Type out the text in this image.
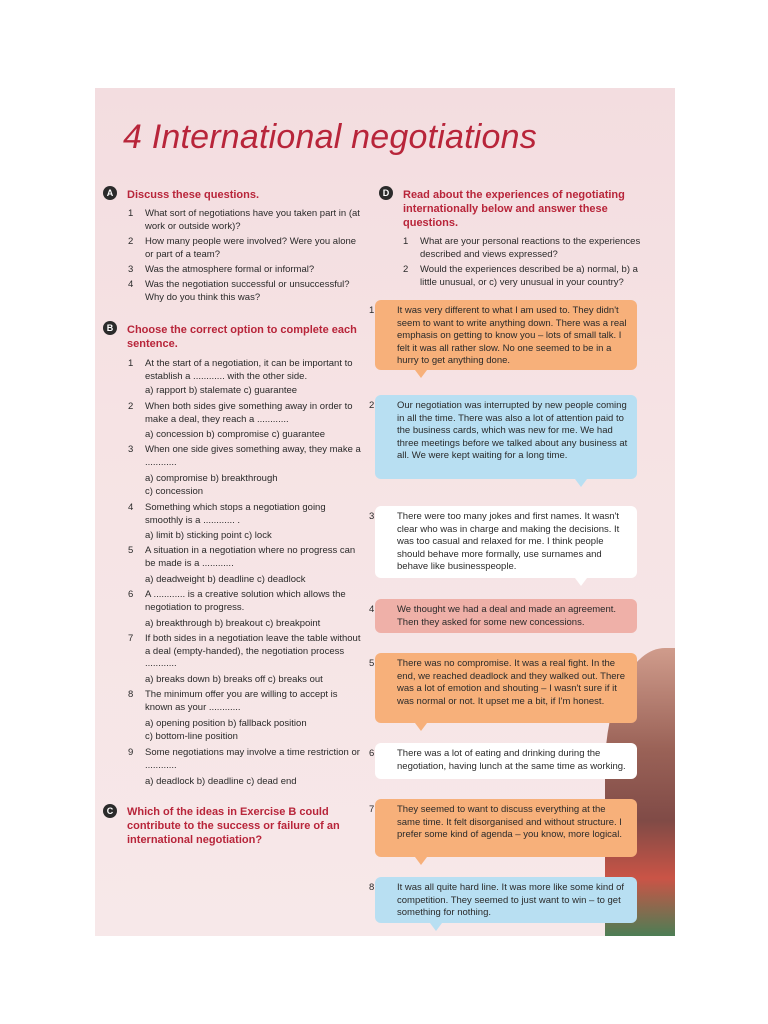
4 International negotiations
A	Discuss these questions.
1 What sort of negotiations have you taken part in (at work or outside work)?
2 How many people were involved? Were you alone or part of a team?
3 Was the atmosphere formal or informal?
4 Was the negotiation successful or unsuccessful? Why do you think this was?
B	Choose the correct option to complete each sentence.
1 At the start of a negotiation, it can be important to establish a ............ with the other side.
a) rapport b) stalemate c) guarantee
2 When both sides give something away in order to make a deal, they reach a ............
a) concession b) compromise c) guarantee
3 When one side gives something away, they make a ............
a) compromise b) breakthrough
c) concession
4 Something which stops a negotiation going smoothly is a ............ .
a) limit b) sticking point c) lock
5 A situation in a negotiation where no progress can be made is a ............
a) deadweight b) deadline c) deadlock
6 A ............ is a creative solution which allows the negotiation to progress.
a) breakthrough b) breakout c) breakpoint
7 If both sides in a negotiation leave the table without a deal (empty-handed), the negotiation process ............
a) breaks down b) breaks off c) breaks out
8 The minimum offer you are willing to accept is known as your ............
a) opening position b) fallback position
c) bottom-line position
9 Some negotiations may involve a time restriction or ............
a) deadlock b) deadline c) dead end
C	Which of the ideas in Exercise B could contribute to the success or failure of an international negotiation?
D	Read about the experiences of negotiating internationally below and answer these questions.
1 What are your personal reactions to the experiences described and views expressed?
2 Would the experiences described be a) normal, b) a little unusual, or c) very unusual in your country?
1 It was very different to what I am used to. They didn't seem to want to write anything down. There was a real emphasis on getting to know you – lots of small talk. I felt it was all rather slow. No one seemed to be in a hurry to get anything done.
2 Our negotiation was interrupted by new people coming in all the time. There was also a lot of attention paid to the business cards, which was new for me. We had three meetings before we talked about any business at all. We were kept waiting for a long time.
3 There were too many jokes and first names. It wasn't clear who was in charge and making the decisions. It was too casual and relaxed for me. I think people should behave more formally, use surnames and behave like businesspeople.
4 We thought we had a deal and made an agreement. Then they asked for some new concessions.
5 There was no compromise. It was a real fight. In the end, we reached deadlock and they walked out. There was a lot of emotion and shouting – I wasn't sure if it was normal or not. It upset me a bit, if I'm honest.
6 There was a lot of eating and drinking during the negotiation, having lunch at the same time as working.
7 They seemed to want to discuss everything at the same time. It felt disorganised and without structure. I prefer some kind of agenda – you know, more logical.
8 It was all quite hard line. It was more like some kind of competition. They seemed to just want to win – to get something for nothing.
